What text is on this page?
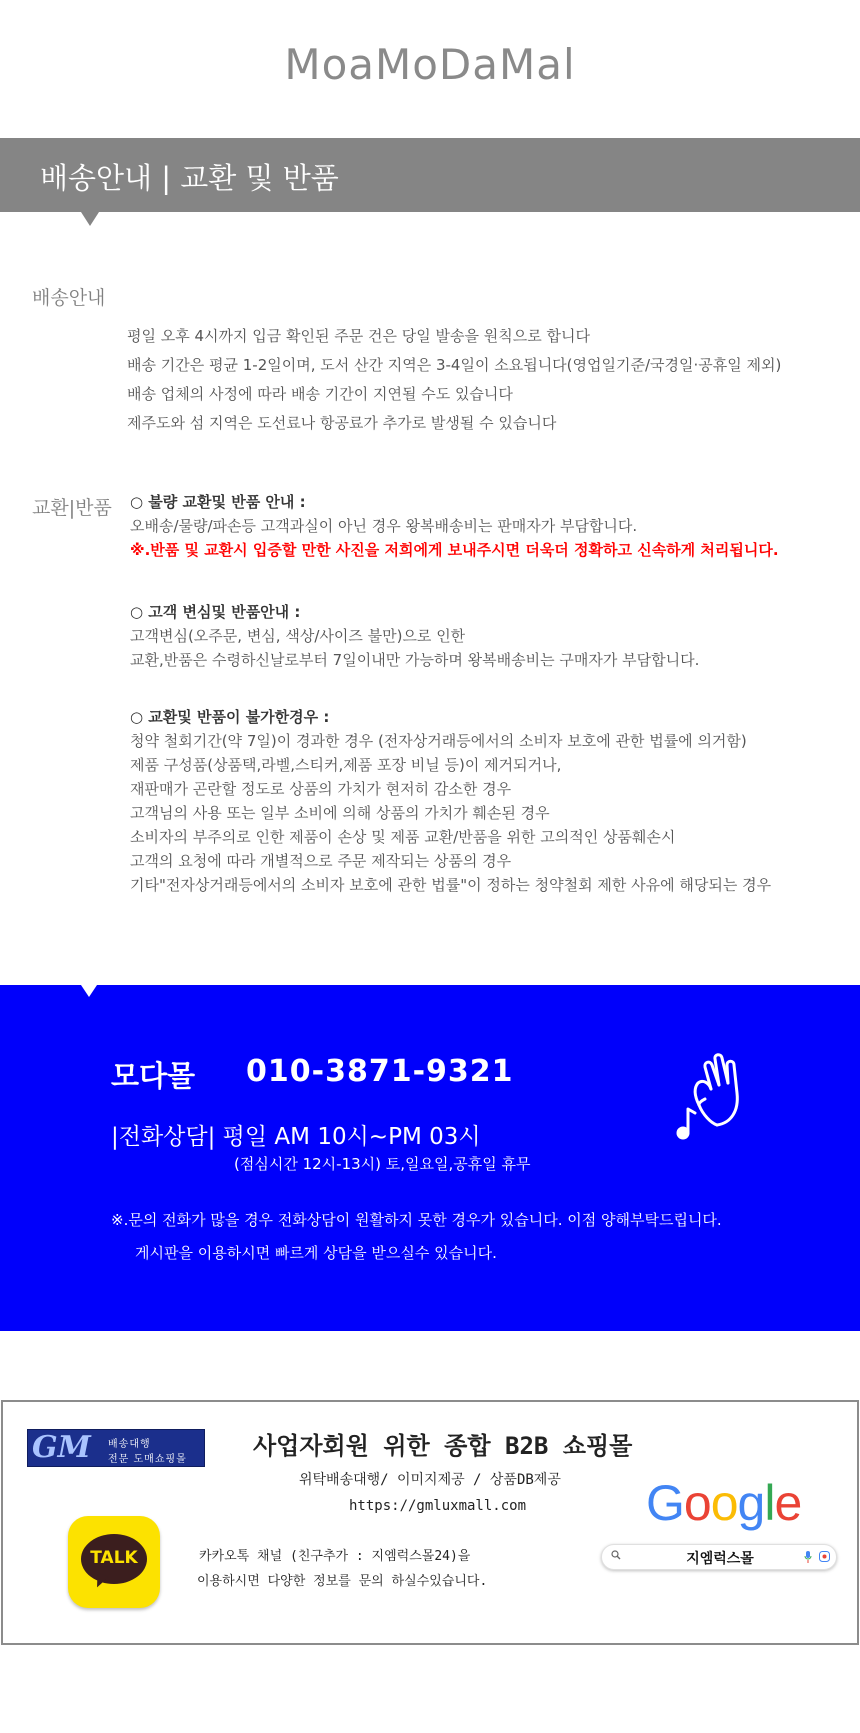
MoaMoDaMal
배송안내 | 교환 및 반품
배송안내
평일 오후 4시까지 입금 확인된 주문 건은 당일 발송을 원칙으로 합니다
배송 기간은 평균 1-2일이며, 도서 산간 지역은 3-4일이 소요됩니다(영업일기준/국경일·공휴일 제외)
배송 업체의 사정에 따라 배송 기간이 지연될 수도 있습니다
제주도와 섬 지역은 도선료나 항공료가 추가로 발생될 수 있습니다
교환|반품 ○ 불량 교환및 반품 안내 :
오배송/물량/파손등 고객과실이 아닌 경우 왕복배송비는 판매자가 부담합니다.
※.반품 및 교환시 입증할 만한 사진을 저희에게 보내주시면 더욱더 정확하고 신속하게 처리됩니다.
○ 고객 변심및 반품안내 :
고객변심(오주문, 변심, 색상/사이즈 불만)으로 인한
교환,반품은 수령하신날로부터 7일이내만 가능하며 왕복배송비는 구매자가 부담합니다.
○ 교환및 반품이 불가한경우 :
청약 철회기간(약 7일)이 경과한 경우 (전자상거래등에서의 소비자 보호에 관한 법률에 의거함)
제품 구성품(상품택,라벨,스티커,제품 포장 비닐 등)이 제거되거나,
재판매가 곤란할 정도로 상품의 가치가 현저히 감소한 경우
고객님의 사용 또는 일부 소비에 의해 상품의 가치가 훼손된 경우
소비자의 부주의로 인한 제품이 손상 및 제품 교환/반품을 위한 고의적인 상품훼손시
고객의 요청에 따라 개별적으로 주문 제작되는 상품의 경우
기타"전자상거래등에서의 소비자 보호에 관한 법률"이 정하는 청약철회 제한 사유에 해당되는 경우
모다몰 010-3871-9321
|전화상담| 평일 AM 10시~PM 03시
(점심시간 12시-13시) 토,일요일,공휴일 휴무
※.문의 전화가 많을 경우 전화상담이 원활하지 못한 경우가 있습니다. 이점 양해부탁드립니다.
게시판을 이용하시면 빠르게 상담을 받으실수 있습니다.
GM 배송대행
전문 도매쇼핑몰	사업자회원 위한 종합 B2B 쇼핑몰
위탁배송대행/ 이미지제공 / 상품DB제공
https://gmluxmall.com
TALK	카카오톡 채널 (친구추가 : 지엠럭스몰24)을
이용하시면 다양한 정보를 문의 하실수있습니다.
Google
지엠럭스몰
